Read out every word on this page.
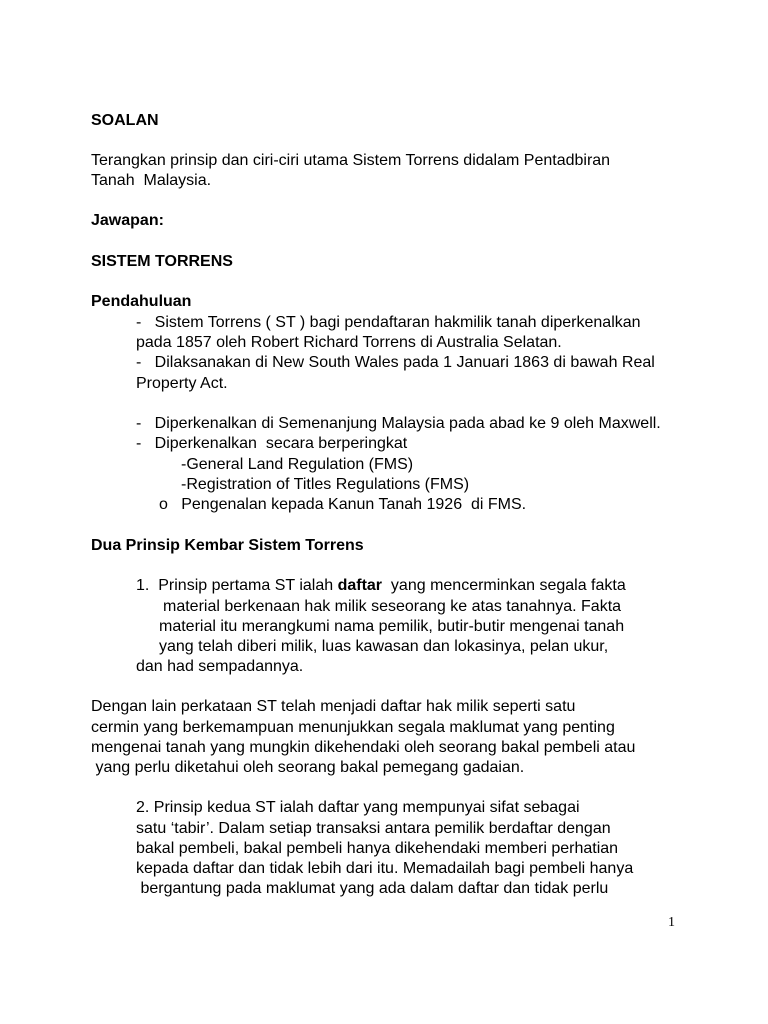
SOALAN
Terangkan prinsip dan ciri-ciri utama Sistem Torrens didalam Pentadbiran
Tanah  Malaysia.
Jawapan:
SISTEM TORRENS
Pendahuluan
-   Sistem Torrens ( ST ) bagi pendaftaran hakmilik tanah diperkenalkan
pada 1857 oleh Robert Richard Torrens di Australia Selatan.
-   Dilaksanakan di New South Wales pada 1 Januari 1863 di bawah Real
Property Act.
-   Diperkenalkan di Semenanjung Malaysia pada abad ke 9 oleh Maxwell.
-   Diperkenalkan  secara berperingkat
-General Land Regulation (FMS)
-Registration of Titles Regulations (FMS)
o   Pengenalan kepada Kanun Tanah 1926  di FMS.
Dua Prinsip Kembar Sistem Torrens
1.  Prinsip pertama ST ialah daftar  yang mencerminkan segala fakta
material berkenaan hak milik seseorang ke atas tanahnya. Fakta
material itu merangkumi nama pemilik, butir-butir mengenai tanah
yang telah diberi milik, luas kawasan dan lokasinya, pelan ukur,
dan had sempadannya.
Dengan lain perkataan ST telah menjadi daftar hak milik seperti satu
cermin yang berkemampuan menunjukkan segala maklumat yang penting
mengenai tanah yang mungkin dikehendaki oleh seorang bakal pembeli atau
yang perlu diketahui oleh seorang bakal pemegang gadaian.
2. Prinsip kedua ST ialah daftar yang mempunyai sifat sebagai
satu ‘tabir’. Dalam setiap transaksi antara pemilik berdaftar dengan
bakal pembeli, bakal pembeli hanya dikehendaki memberi perhatian
kepada daftar dan tidak lebih dari itu. Memadailah bagi pembeli hanya
bergantung pada maklumat yang ada dalam daftar dan tidak perlu
1
